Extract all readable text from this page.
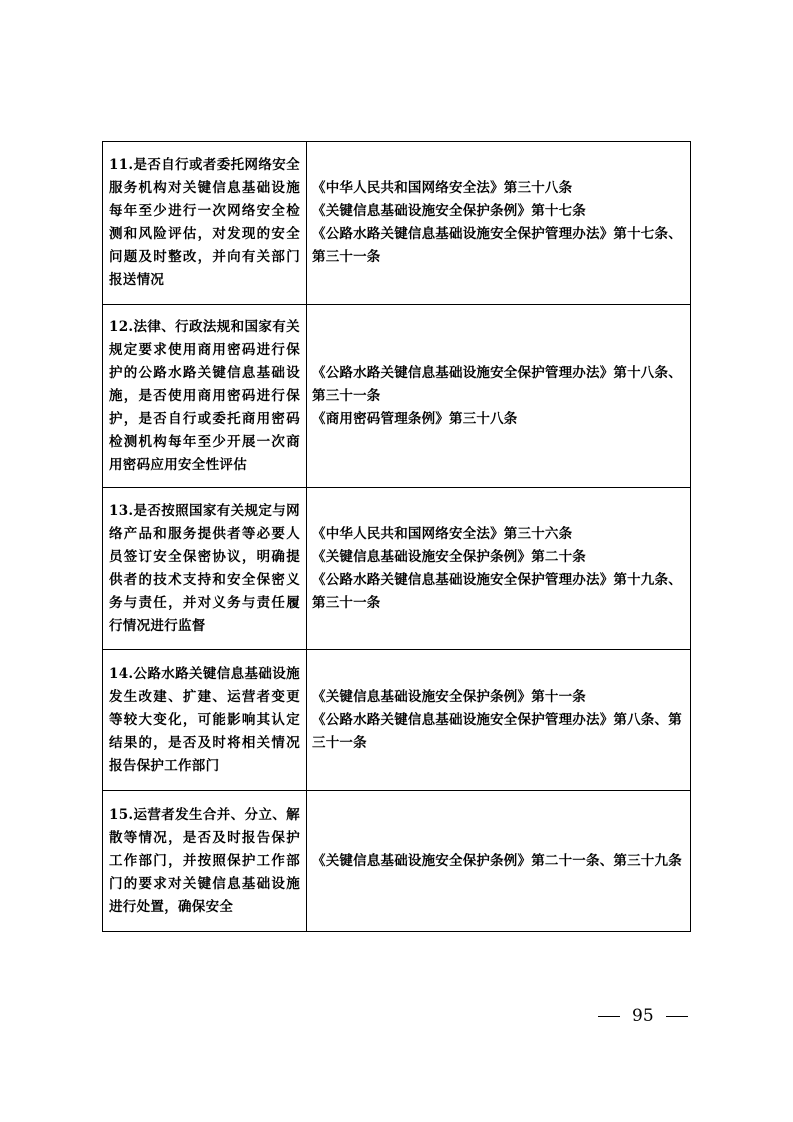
11.是否自行或者委托网络安全服务机构对关键信息基础设施每年至少进行一次网络安全检测和风险评估，对发现的安全问题及时整改，并向有关部门报送情况	《中华人民共和国网络安全法》第三十八条
《关键信息基础设施安全保护条例》第十七条
《公路水路关键信息基础设施安全保护管理办法》第十七条、第三十一条

12.法律、行政法规和国家有关规定要求使用商用密码进行保护的公路水路关键信息基础设施，是否使用商用密码进行保护，是否自行或委托商用密码检测机构每年至少开展一次商用密码应用安全性评估	《公路水路关键信息基础设施安全保护管理办法》第十八条、第三十一条
《商用密码管理条例》第三十八条

13.是否按照国家有关规定与网络产品和服务提供者等必要人员签订安全保密协议，明确提供者的技术支持和安全保密义务与责任，并对义务与责任履行情况进行监督	《中华人民共和国网络安全法》第三十六条
《关键信息基础设施安全保护条例》第二十条
《公路水路关键信息基础设施安全保护管理办法》第十九条、第三十一条

14.公路水路关键信息基础设施发生改建、扩建、运营者变更等较大变化，可能影响其认定结果的，是否及时将相关情况报告保护工作部门	《关键信息基础设施安全保护条例》第十一条
《公路水路关键信息基础设施安全保护管理办法》第八条、第三十一条

15.运营者发生合并、分立、解散等情况，是否及时报告保护工作部门，并按照保护工作部门的要求对关键信息基础设施进行处置，确保安全	《关键信息基础设施安全保护条例》第二十一条、第三十九条
95
